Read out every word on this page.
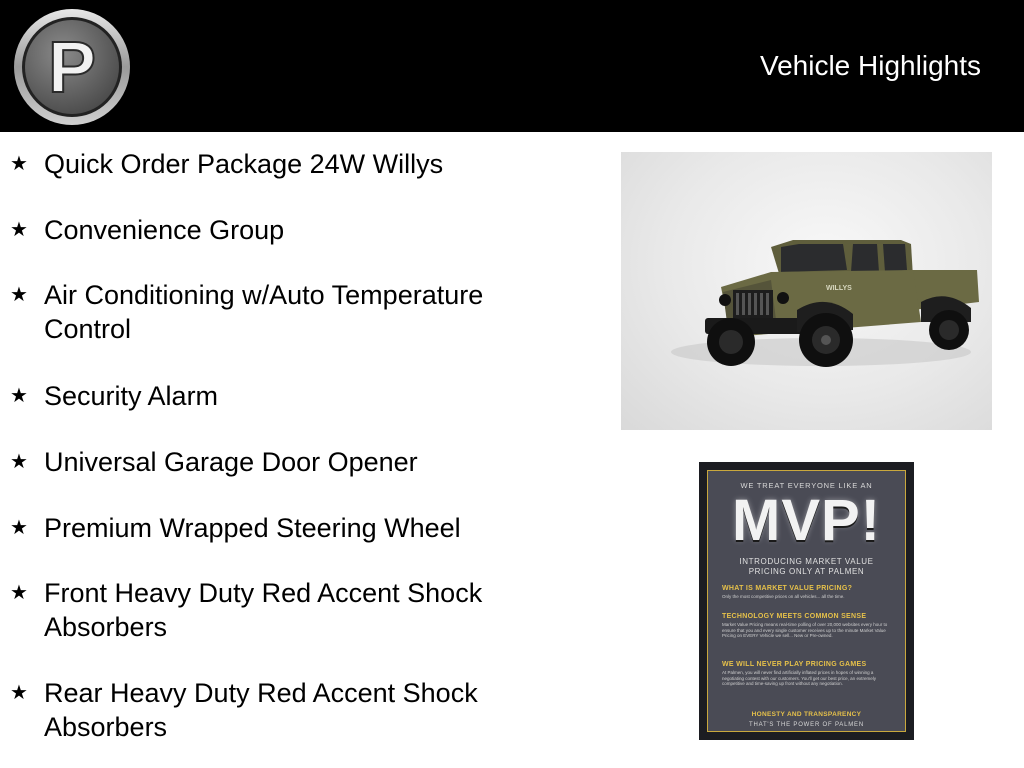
P	Vehicle Highlights
★ Quick Order Package 24W Willys
★ Convenience Group
★ Air Conditioning w/Auto Temperature
Control
★ Security Alarm
★ Universal Garage Door Opener
★ Premium Wrapped Steering Wheel
★ Front Heavy Duty Red Accent Shock
Absorbers
★ Rear Heavy Duty Red Accent Shock
Absorbers
WILLYS
WE TREAT EVERYONE LIKE AN
MVP!
INTRODUCING MARKET VALUE
PRICING ONLY AT PALMEN
WHAT IS MARKET VALUE PRICING?
Only the most competitive prices on all vehicles... all the time.
TECHNOLOGY MEETS COMMON SENSE
Market Value Pricing means real-time polling of over 20,000 websites every hour to ensure that you and every single customer receives up to the minute Market Value Pricing on EVERY Vehicle we sell... New or Pre-owned.
WE WILL NEVER PLAY PRICING GAMES
At Palmen, you will never find artificially inflated prices in hopes of winning a negotiating contest with our customers. You'll get our best price, an extremely competitive and time-saving up front without any negotiation.
HONESTY AND TRANSPARENCY
THAT'S THE POWER OF PALMEN
